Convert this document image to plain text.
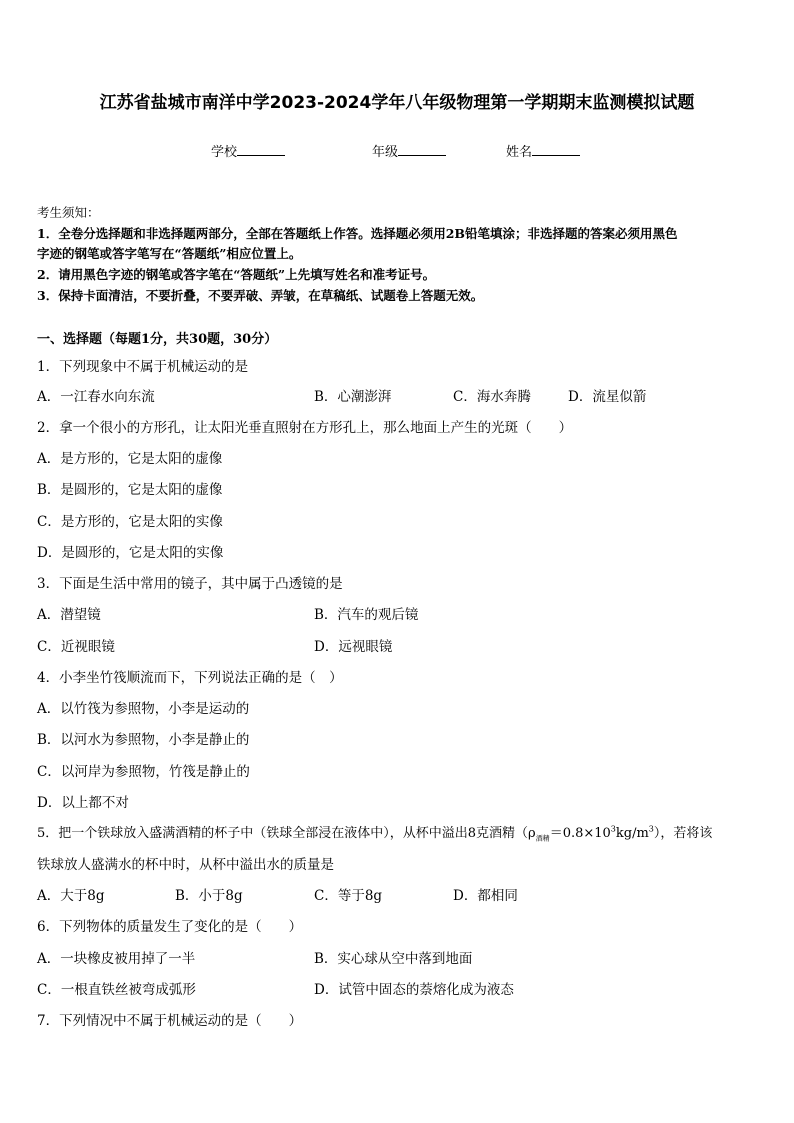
江苏省盐城市南洋中学2023-2024学年八年级物理第一学期期末监测模拟试题
学校	年级	姓名
考生须知：
1．全卷分选择题和非选择题两部分，全部在答题纸上作答。选择题必须用2B铅笔填涂；非选择题的答案必须用黑色
字迹的钢笔或答字笔写在“答题纸”相应位置上。
2．请用黑色字迹的钢笔或答字笔在“答题纸”上先填写姓名和准考证号。
3．保持卡面清洁，不要折叠，不要弄破、弄皱，在草稿纸、试题卷上答题无效。
一、选择题（每题1分，共30题，30分）
1．下列现象中不属于机械运动的是
A．一江春水向东流	B．心潮澎湃	C．海水奔腾	D．流星似箭
2．拿一个很小的方形孔，让太阳光垂直照射在方形孔上，那么地面上产生的光斑（　　）
A．是方形的，它是太阳的虚像
B．是圆形的，它是太阳的虚像
C．是方形的，它是太阳的实像
D．是圆形的，它是太阳的实像
3．下面是生活中常用的镜子，其中属于凸透镜的是
A．潜望镜	B．汽车的观后镜
C．近视眼镜	D．远视眼镜
4．小李坐竹筏顺流而下，下列说法正确的是（　）
A．以竹筏为参照物，小李是运动的
B．以河水为参照物，小李是静止的
C．以河岸为参照物，竹筏是静止的
D．以上都不对
5．把一个铁球放入盛满酒精的杯子中（铁球全部浸在液体中），从杯中溢出8克酒精$(\rho_{酒精}=0.8\times 10^3kg/m^3)$，若将该
铁球放人盛满水的杯中时，从杯中溢出水的质量是
A．大于8g	B．小于8g	C．等于8g	D．都相同
6．下列物体的质量发生了变化的是（　　）
A．一块橡皮被用掉了一半	B．实心球从空中落到地面
C．一根直铁丝被弯成弧形	D．试管中固态的萘熔化成为液态
7．下列情况中不属于机械运动的是（　　）
